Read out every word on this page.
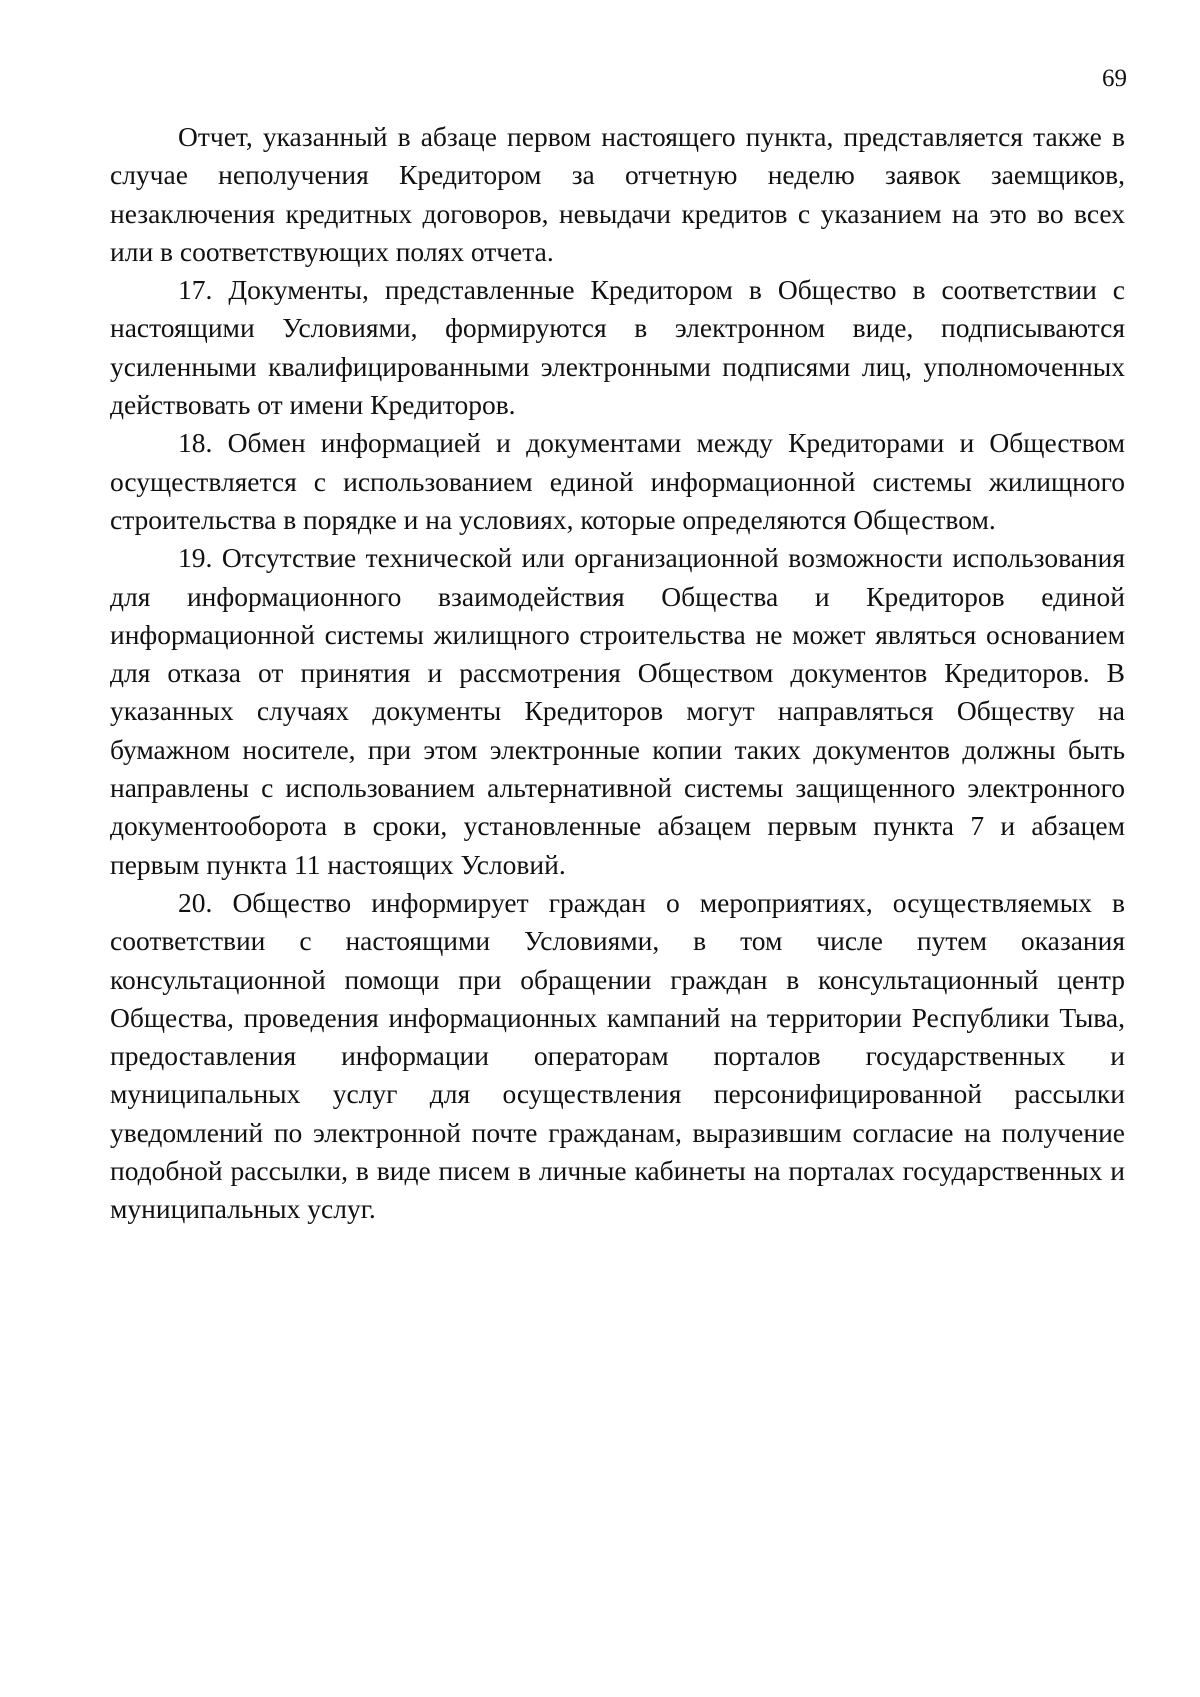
69

Отчет, указанный в абзаце первом настоящего пункта, представляется также в случае неполучения Кредитором за отчетную неделю заявок заемщиков, незаключения кредитных договоров, невыдачи кредитов с указанием на это во всех или в соответствующих полях отчета.

17. Документы, представленные Кредитором в Общество в соответствии с настоящими Условиями, формируются в электронном виде, подписываются усиленными квалифицированными электронными подписями лиц, уполномоченных действовать от имени Кредиторов.

18. Обмен информацией и документами между Кредиторами и Обществом осуществляется с использованием единой информационной системы жилищного строительства в порядке и на условиях, которые определяются Обществом.

19. Отсутствие технической или организационной возможности использования для информационного взаимодействия Общества и Кредиторов единой информационной системы жилищного строительства не может являться основанием для отказа от принятия и рассмотрения Обществом документов Кредиторов. В указанных случаях документы Кредиторов могут направляться Обществу на бумажном носителе, при этом электронные копии таких документов должны быть направлены с использованием альтернативной системы защищенного электронного документооборота в сроки, установленные абзацем первым пункта 7 и абзацем первым пункта 11 настоящих Условий.

20. Общество информирует граждан о мероприятиях, осуществляемых в соответствии с настоящими Условиями, в том числе путем оказания консультационной помощи при обращении граждан в консультационный центр Общества, проведения информационных кампаний на территории Республики Тыва, предоставления информации операторам порталов государственных и муниципальных услуг для осуществления персонифицированной рассылки уведомлений по электронной почте гражданам, выразившим согласие на получение подобной рассылки, в виде писем в личные кабинеты на порталах государственных и муниципальных услуг.
